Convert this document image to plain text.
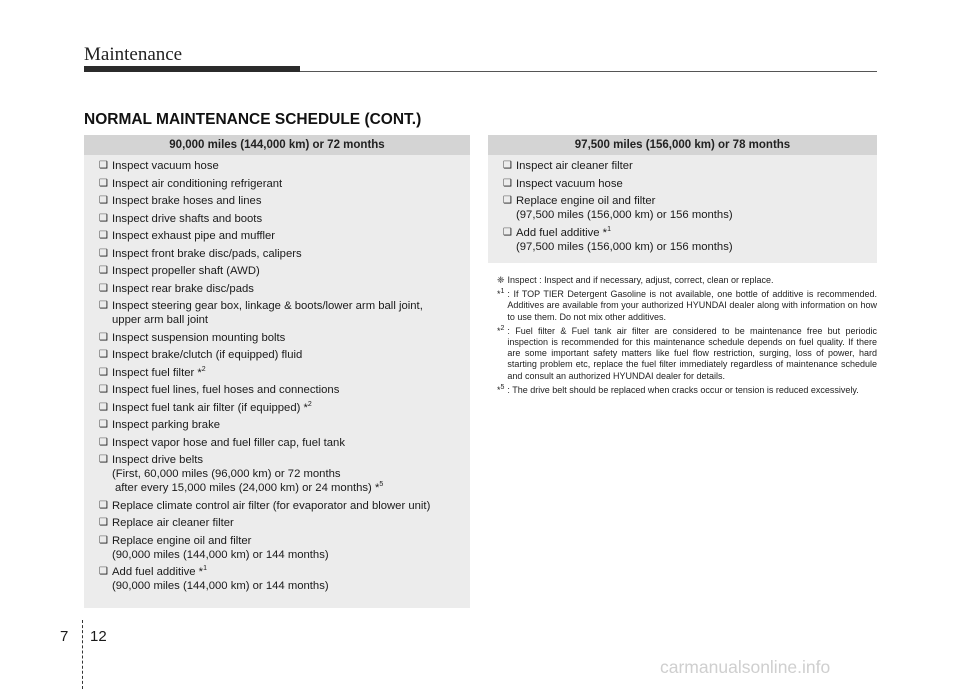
Maintenance
NORMAL MAINTENANCE SCHEDULE (CONT.)
90,000 miles (144,000 km) or 72 months
❑ Inspect vacuum hose
❑ Inspect air conditioning refrigerant
❑ Inspect brake hoses and lines
❑ Inspect drive shafts and boots
❑ Inspect exhaust pipe and muffler
❑ Inspect front brake disc/pads, calipers
❑ Inspect propeller shaft (AWD)
❑ Inspect rear brake disc/pads
❑ Inspect steering gear box, linkage & boots/lower arm ball joint,
upper arm ball joint
❑ Inspect suspension mounting bolts
❑ Inspect brake/clutch (if equipped) fluid
❑ Inspect fuel filter *$^2$
❑ Inspect fuel lines, fuel hoses and connections
❑ Inspect fuel tank air filter (if equipped) *$^2$
❑ Inspect parking brake
❑ Inspect vapor hose and fuel filler cap, fuel tank
❑ Inspect drive belts
(First, 60,000 miles (96,000 km) or 72 months
after every 15,000 miles (24,000 km) or 24 months) *$^5$
❑ Replace climate control air filter (for evaporator and blower unit)
❑ Replace air cleaner filter
❑ Replace engine oil and filter
(90,000 miles (144,000 km) or 144 months)
❑ Add fuel additive *$^1$
(90,000 miles (144,000 km) or 144 months)
97,500 miles (156,000 km) or 78 months
❑ Inspect air cleaner filter
❑ Inspect vacuum hose
❑ Replace engine oil and filter
(97,500 miles (156,000 km) or 156 months)
❑ Add fuel additive *$^1$
(97,500 miles (156,000 km) or 156 months)
❈ Inspect : Inspect and if necessary, adjust, correct, clean or replace.
*$^1$ : If TOP TIER Detergent Gasoline is not available, one bottle of additive is recommended. Additives are available from your authorized HYUNDAI dealer along with information on how to use them. Do not mix other additives.
*$^2$ : Fuel filter & Fuel tank air filter are considered to be maintenance free but periodic inspection is recommended for this maintenance schedule depends on fuel quality. If there are some important safety matters like fuel flow restriction, surging, loss of power, hard starting problem etc, replace the fuel filter immediately regardless of maintenance schedule and consult an authorized HYUNDAI dealer for details.
*$^5$ : The drive belt should be replaced when cracks occur or tension is reduced excessively.
7 12
carmanualsonline.info
